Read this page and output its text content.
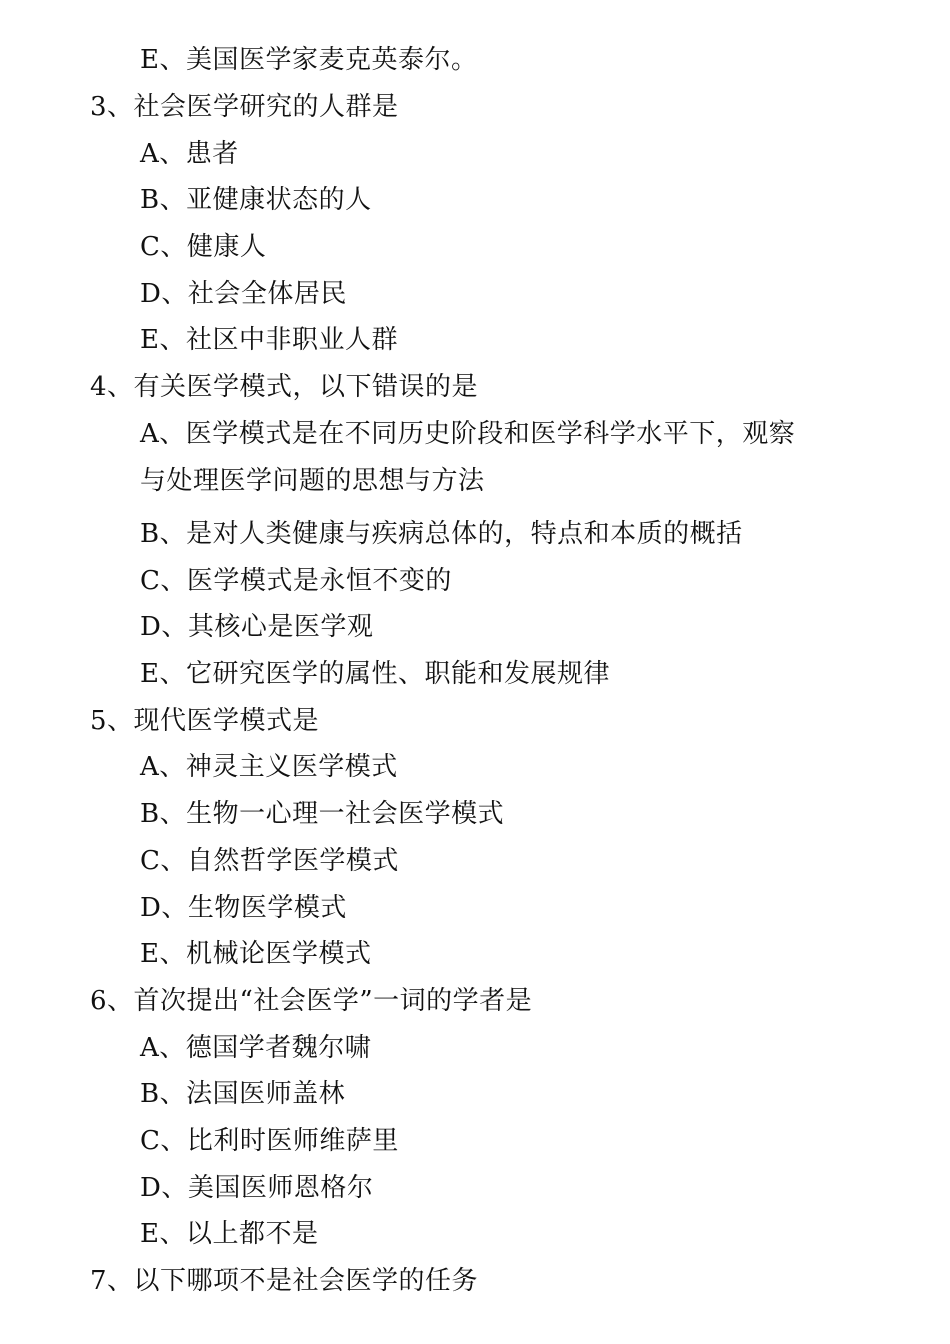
E、美国医学家麦克英泰尔。
3、社会医学研究的人群是
A、患者
B、亚健康状态的人
C、健康人
D、社会全体居民
E、社区中非职业人群
4、有关医学模式，以下错误的是
A、医学模式是在不同历史阶段和医学科学水平下，观察
与处理医学问题的思想与方法
B、是对人类健康与疾病总体的，特点和本质的概括
C、医学模式是永恒不变的
D、其核心是医学观
E、它研究医学的属性、职能和发展规律
5、现代医学模式是
A、神灵主义医学模式
B、生物一心理一社会医学模式
C、自然哲学医学模式
D、生物医学模式
E、机械论医学模式
6、首次提出“社会医学”一词的学者是
A、德国学者魏尔啸
B、法国医师盖林
C、比利时医师维萨里
D、美国医师恩格尔
E、以上都不是
7、以下哪项不是社会医学的任务
